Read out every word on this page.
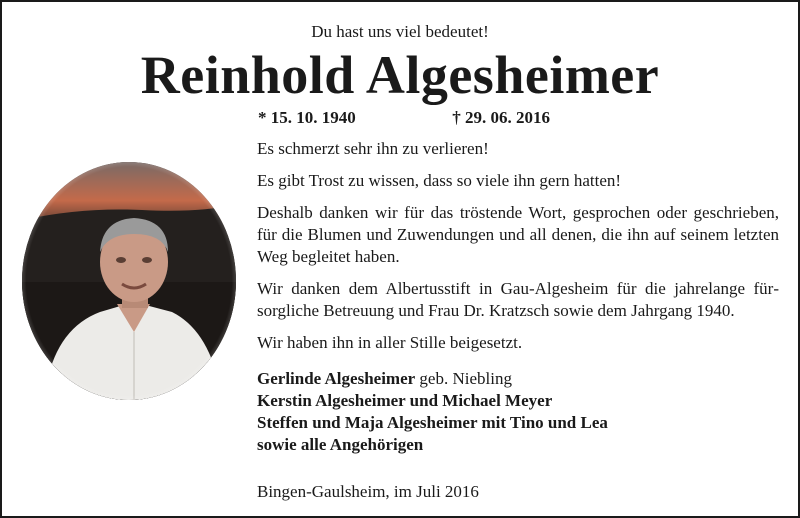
Du hast uns viel bedeutet!
Reinhold Algesheimer
* 15. 10. 1940	† 29. 06. 2016

Es schmerzt sehr ihn zu verlieren!

Es gibt Trost zu wissen, dass so viele ihn gern hatten!

Deshalb danken wir für das tröstende Wort, gesprochen oder geschrieben, für die Blumen und Zuwendungen und all denen, die ihn auf seinem letzten Weg begleitet haben.

Wir danken dem Albertusstift in Gau-Algesheim für die jahrelange fürsorgliche Betreuung und Frau Dr. Kratzsch sowie dem Jahrgang 1940.

Wir haben ihn in aller Stille beigesetzt.

Gerlinde Algesheimer geb. Niebling
Kerstin Algesheimer und Michael Meyer
Steffen und Maja Algesheimer mit Tino und Lea
sowie alle Angehörigen
Bingen-Gaulsheim, im Juli 2016
